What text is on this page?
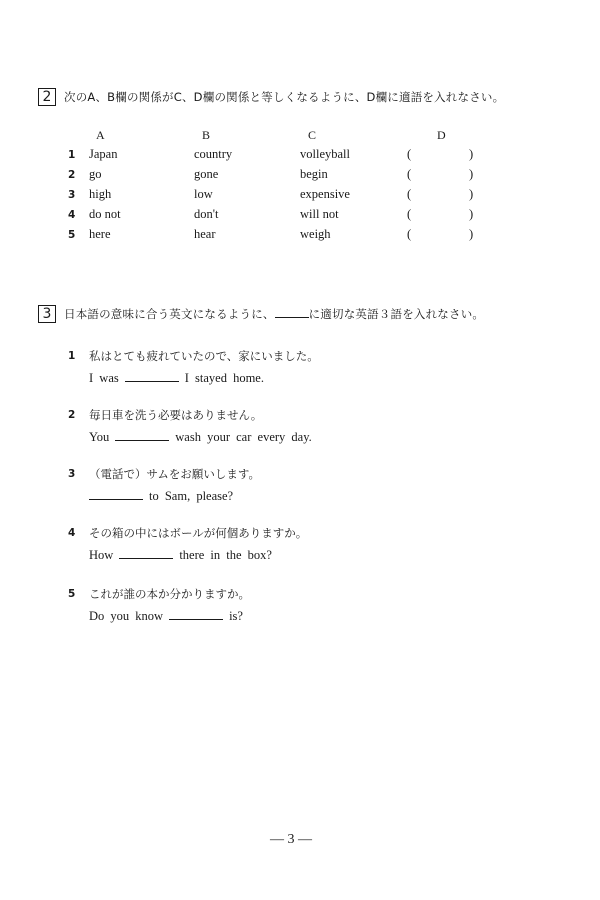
2	次のA、B欄の関係がC、D欄の関係と等しくなるように、D欄に適語を入れなさい。
A	B	C	D
1 Japan	country	volleyball	(	)
2 go	gone	begin	(	)
3 high	low	expensive	(	)
4 do not	don't	will not	(	)
5 here	hear	weigh	(	)
3	日本語の意味に合う英文になるように、	に適切な英語３語を入れなさい。
1 私はとても疲れていたので、家にいました。
I was	I stayed home.
2 毎日車を洗う必要はありません。
You	wash your car every day.
3 （電話で）サムをお願いします。
to Sam, please?
4 その箱の中にはボールが何個ありますか。
How	there in the box?
5 これが誰の本か分かりますか。
Do you know	is?
— 3 —
